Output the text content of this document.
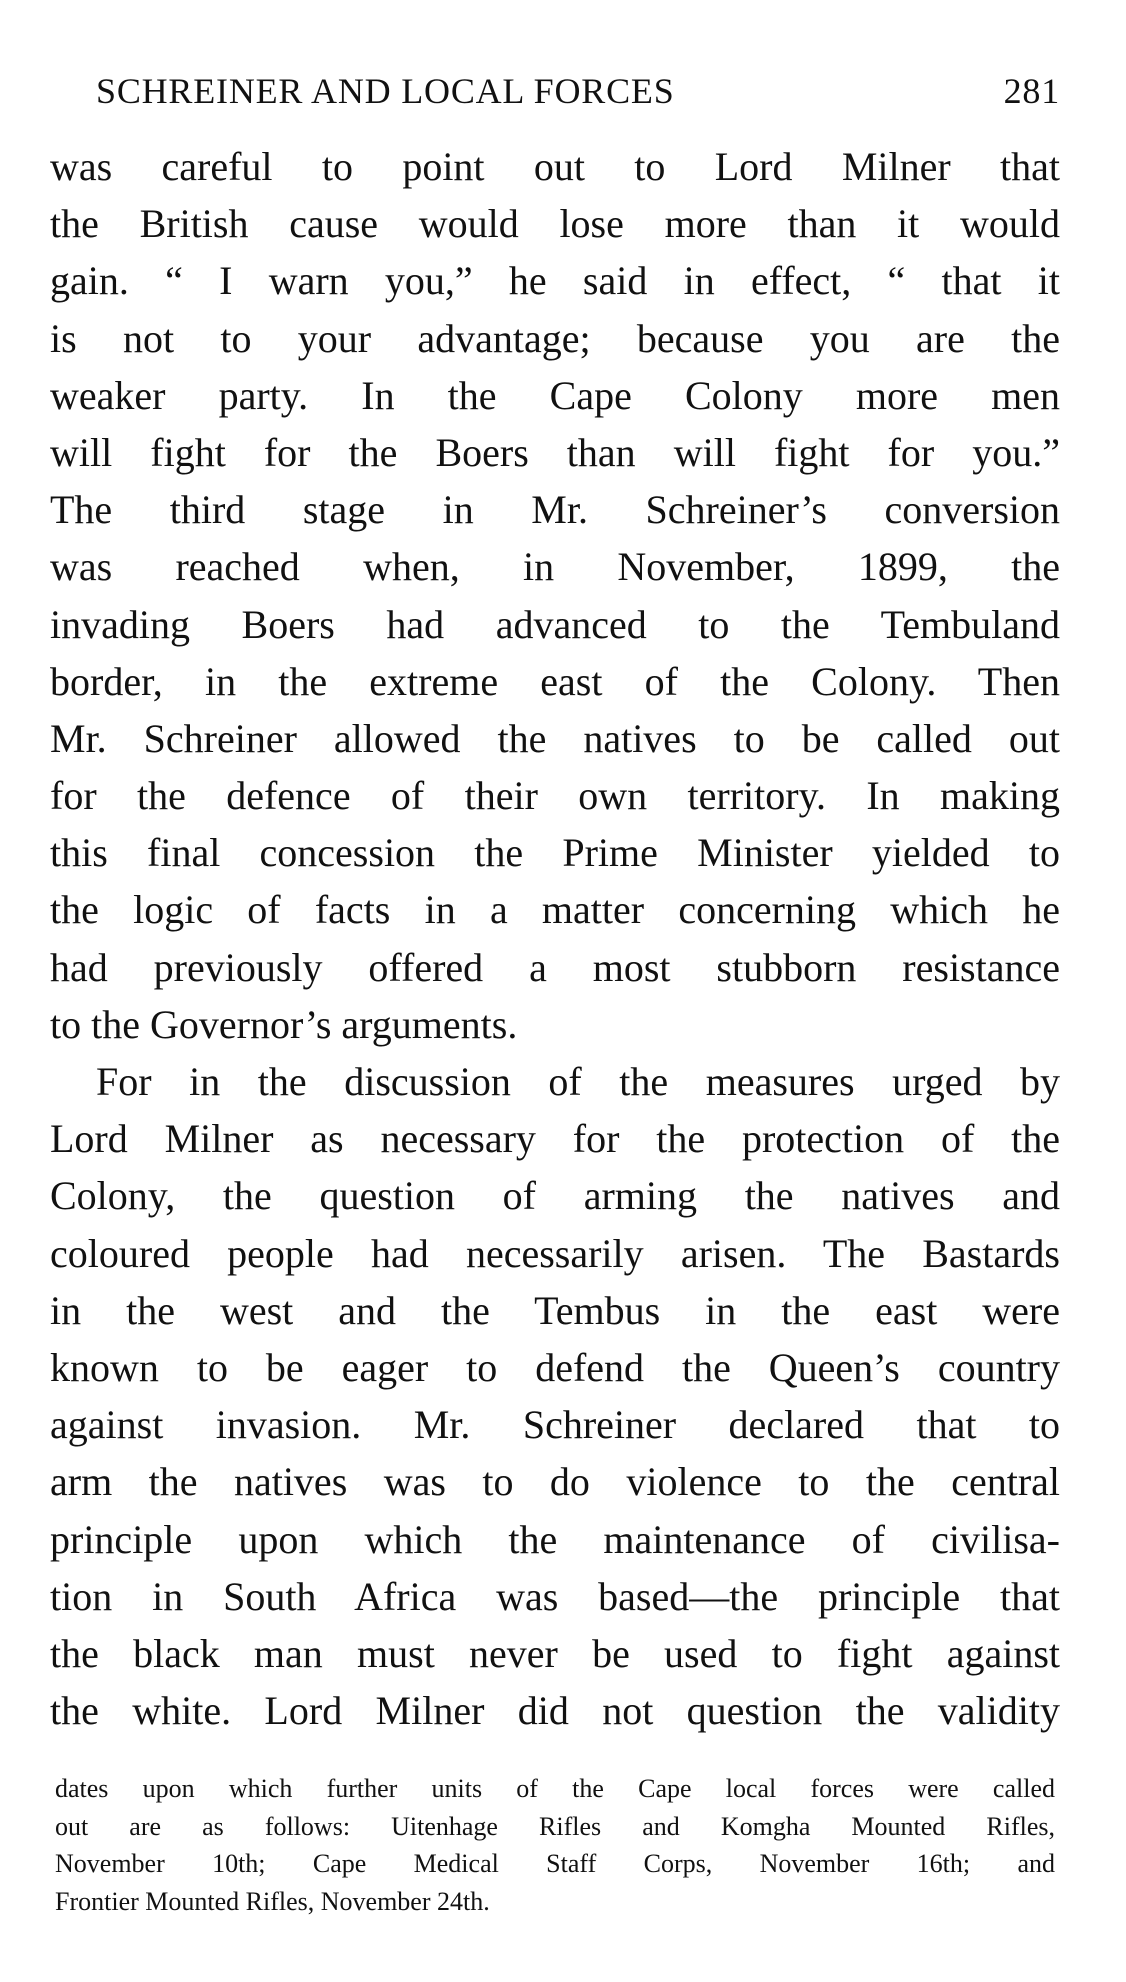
SCHREINER AND LOCAL FORCES	281
was careful to point out to Lord Milner that
the British cause would lose more than it would
gain. “ I warn you,” he said in effect, “ that it
is not to your advantage; because you are the
weaker party. In the Cape Colony more men
will fight for the Boers than will fight for you.”
The third stage in Mr. Schreiner’s conversion
was reached when, in November, 1899, the
invading Boers had advanced to the Tembuland
border, in the extreme east of the Colony. Then
Mr. Schreiner allowed the natives to be called out
for the defence of their own territory. In making
this final concession the Prime Minister yielded to
the logic of facts in a matter concerning which he
had previously offered a most stubborn resistance
to the Governor’s arguments.
For in the discussion of the measures urged by
Lord Milner as necessary for the protection of the
Colony, the question of arming the natives and
coloured people had necessarily arisen. The Bastards
in the west and the Tembus in the east were
known to be eager to defend the Queen’s country
against invasion. Mr. Schreiner declared that to
arm the natives was to do violence to the central
principle upon which the maintenance of civilisa-
tion in South Africa was based—the principle that
the black man must never be used to fight against
the white. Lord Milner did not question the validity
dates upon which further units of the Cape local forces were called
out are as follows: Uitenhage Rifles and Komgha Mounted Rifles,
November 10th; Cape Medical Staff Corps, November 16th; and
Frontier Mounted Rifles, November 24th.
